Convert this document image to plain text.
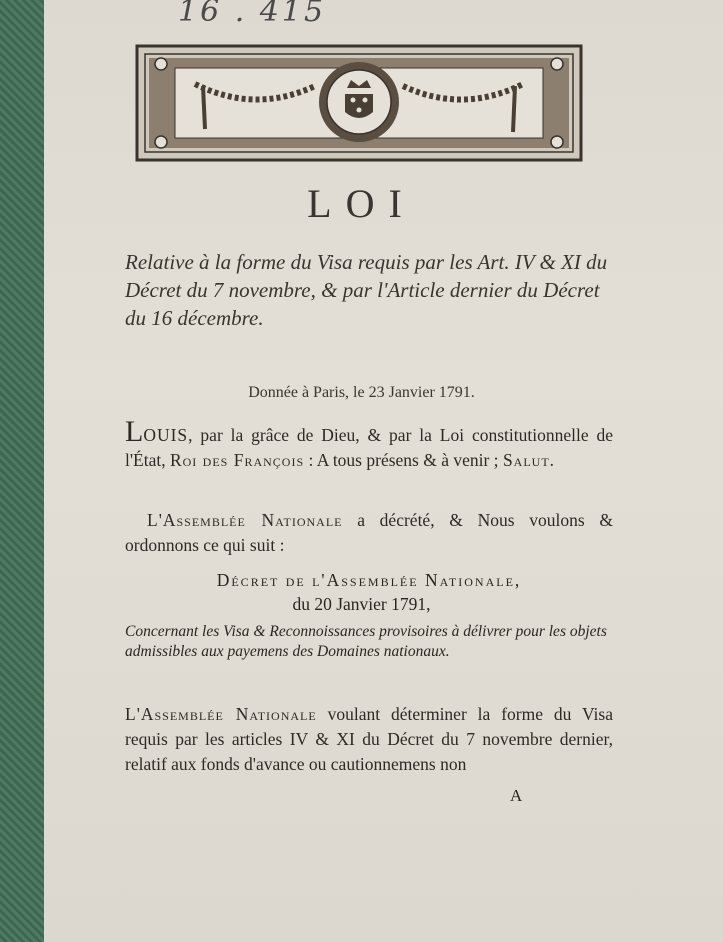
16 . 415
LOI
Relative à la forme du Visa requis par les Art. IV & XI du Décret du 7 novembre, & par l'Article dernier du Décret du 16 décembre.
Donnée à Paris, le 23 Janvier 1791.
LOUIS, par la grâce de Dieu, & par la Loi constitutionnelle de l'État, Roi des François : A tous présens & à venir ; Salut.
L'Assemblée Nationale a décrété, & Nous voulons & ordonnons ce qui suit :
Décret de l'Assemblée Nationale,
du 20 Janvier 1791,
Concernant les Visa & Reconnoissances provisoires à délivrer pour les objets admissibles aux payemens des Domaines nationaux.
L'Assemblée Nationale voulant déterminer la forme du Visa requis par les articles IV & XI du Décret du 7 novembre dernier, relatif aux fonds d'avance ou cautionnemens non
A
